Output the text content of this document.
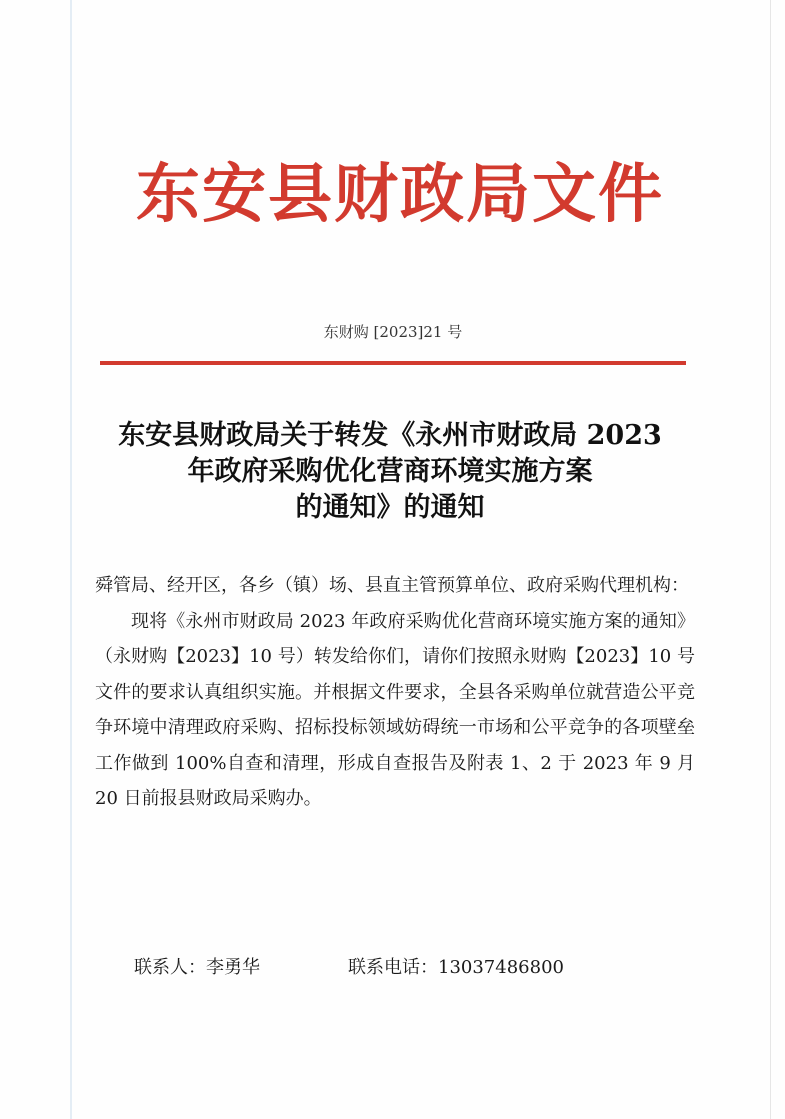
东安县财政局文件
东财购 [2023]21 号
东安县财政局关于转发《永州市财政局 2023
年政府采购优化营商环境实施方案
的通知》的通知

舜管局、经开区，各乡（镇）场、县直主管预算单位、政府采购代理机构：

现将《永州市财政局 2023 年政府采购优化营商环境实施方案的通知》（永财购【2023】10 号）转发给你们，请你们按照永财购【2023】10 号文件的要求认真组织实施。并根据文件要求，全县各采购单位就营造公平竞争环境中清理政府采购、招标投标领域妨碍统一市场和公平竞争的各项壁垒工作做到 100%自查和清理，形成自查报告及附表 1、2 于 2023 年 9 月 20 日前报县财政局采购办。

联系人：李勇华	联系电话：13037486800
